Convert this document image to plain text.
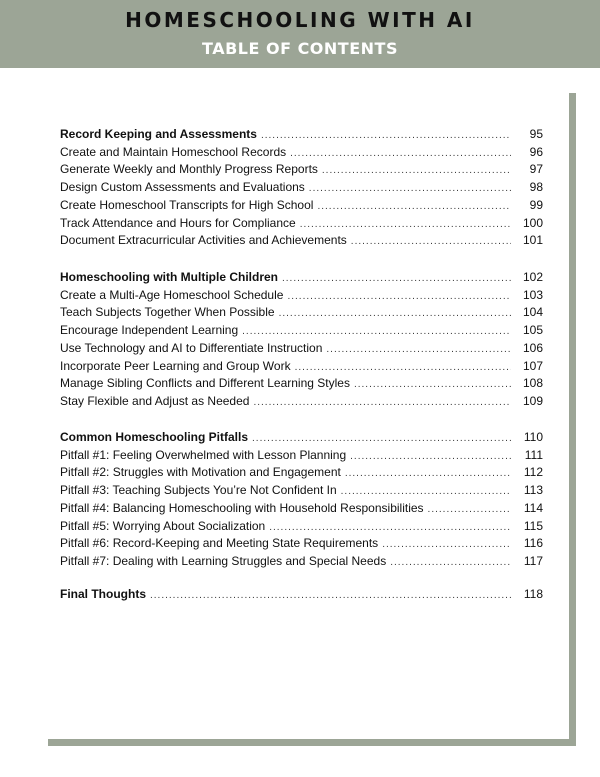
HOMESCHOOLING WITH AI
TABLE OF CONTENTS
Record Keeping and Assessments .....	95
Create and Maintain Homeschool Records .....	96
Generate Weekly and Monthly Progress Reports .....	97
Design Custom Assessments and Evaluations .....	98
Create Homeschool Transcripts for High School .....	99
Track Attendance and Hours for Compliance .....	100
Document Extracurricular Activities and Achievements .....	101
Homeschooling with Multiple Children .....	102
Create a Multi-Age Homeschool Schedule .....	103
Teach Subjects Together When Possible .....	104
Encourage Independent Learning .....	105
Use Technology and AI to Differentiate Instruction .....	106
Incorporate Peer Learning and Group Work .....	107
Manage Sibling Conflicts and Different Learning Styles .....	108
Stay Flexible and Adjust as Needed .....	109
Common Homeschooling Pitfalls .....	110
Pitfall #1: Feeling Overwhelmed with Lesson Planning .....	111
Pitfall #2: Struggles with Motivation and Engagement .....	112
Pitfall #3: Teaching Subjects You’re Not Confident In .....	113
Pitfall #4: Balancing Homeschooling with Household Responsibilities .....	114
Pitfall #5: Worrying About Socialization .....	115
Pitfall #6: Record-Keeping and Meeting State Requirements .....	116
Pitfall #7: Dealing with Learning Struggles and Special Needs .....	117
Final Thoughts .....	118
